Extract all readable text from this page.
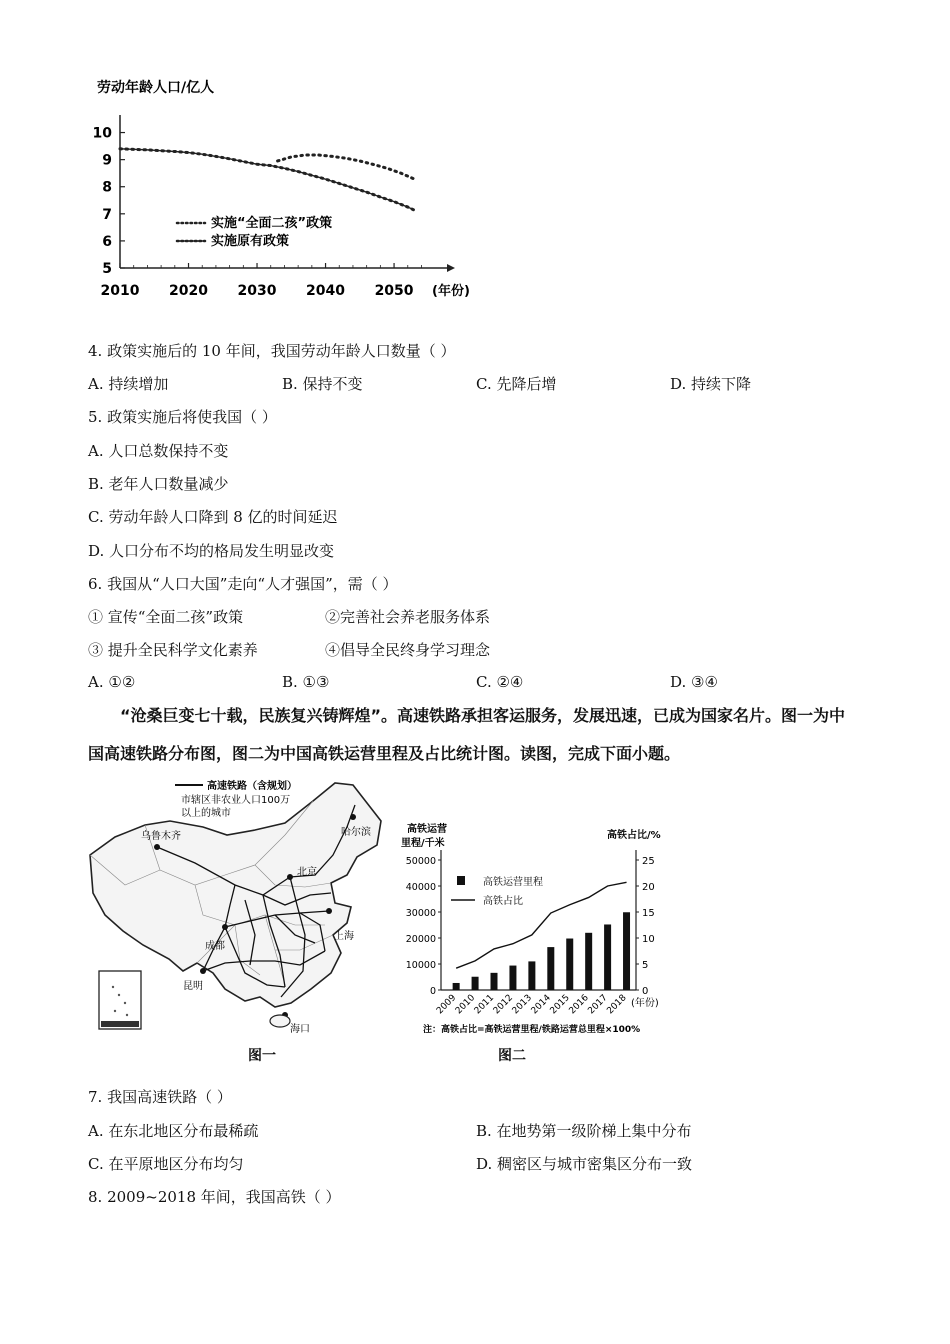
劳动年龄人口/亿人
10
9
8
7
6
5
2010 2020 2030 2040 2050 (年份)
实施“全面二孩”政策
实施原有政策
4. 政策实施后的 10 年间，我国劳动年龄人口数量（ ）
A. 持续增加	B. 保持不变	C. 先降后增	D. 持续下降
5. 政策实施后将使我国（ ）
A. 人口总数保持不变
B. 老年人口数量减少
C. 劳动年龄人口降到 8 亿的时间延迟
D. 人口分布不均的格局发生明显改变
6. 我国从“人口大国”走向“人才强国”，需（ ）
① 宣传“全面二孩”政策	②完善社会养老服务体系
③ 提升全民科学文化素养	④倡导全民终身学习理念
A. ①②	B. ①③	C. ②④	D. ③④
“沧桑巨变七十载，民族复兴铸辉煌”。高速铁路承担客运服务，发展迅速，已成为国家名片。图一为中国高速铁路分布图，图二为中国高铁运营里程及占比统计图。读图，完成下面小题。
高速铁路（含规划）
市辖区非农业人口100万
以上的城市
乌鲁木齐	哈尔滨
北京
上海
成都
昆明
海口
图一
高铁运营
里程/千米
高铁占比/%
50000
40000
30000
20000
10000
0
25
20
15
10
5
0
2009
2010
2011
2012
2013
2014
2015
2016
2017
2018 (年份)
高铁运营里程
高铁占比
注：高铁占比=高铁运营里程/铁路运营总里程×100%
图二
7. 我国高速铁路（ ）
A. 在东北地区分布最稀疏	B. 在地势第一级阶梯上集中分布
C. 在平原地区分布均匀	D. 稠密区与城市密集区分布一致
8. 2009~2018 年间，我国高铁（ ）
